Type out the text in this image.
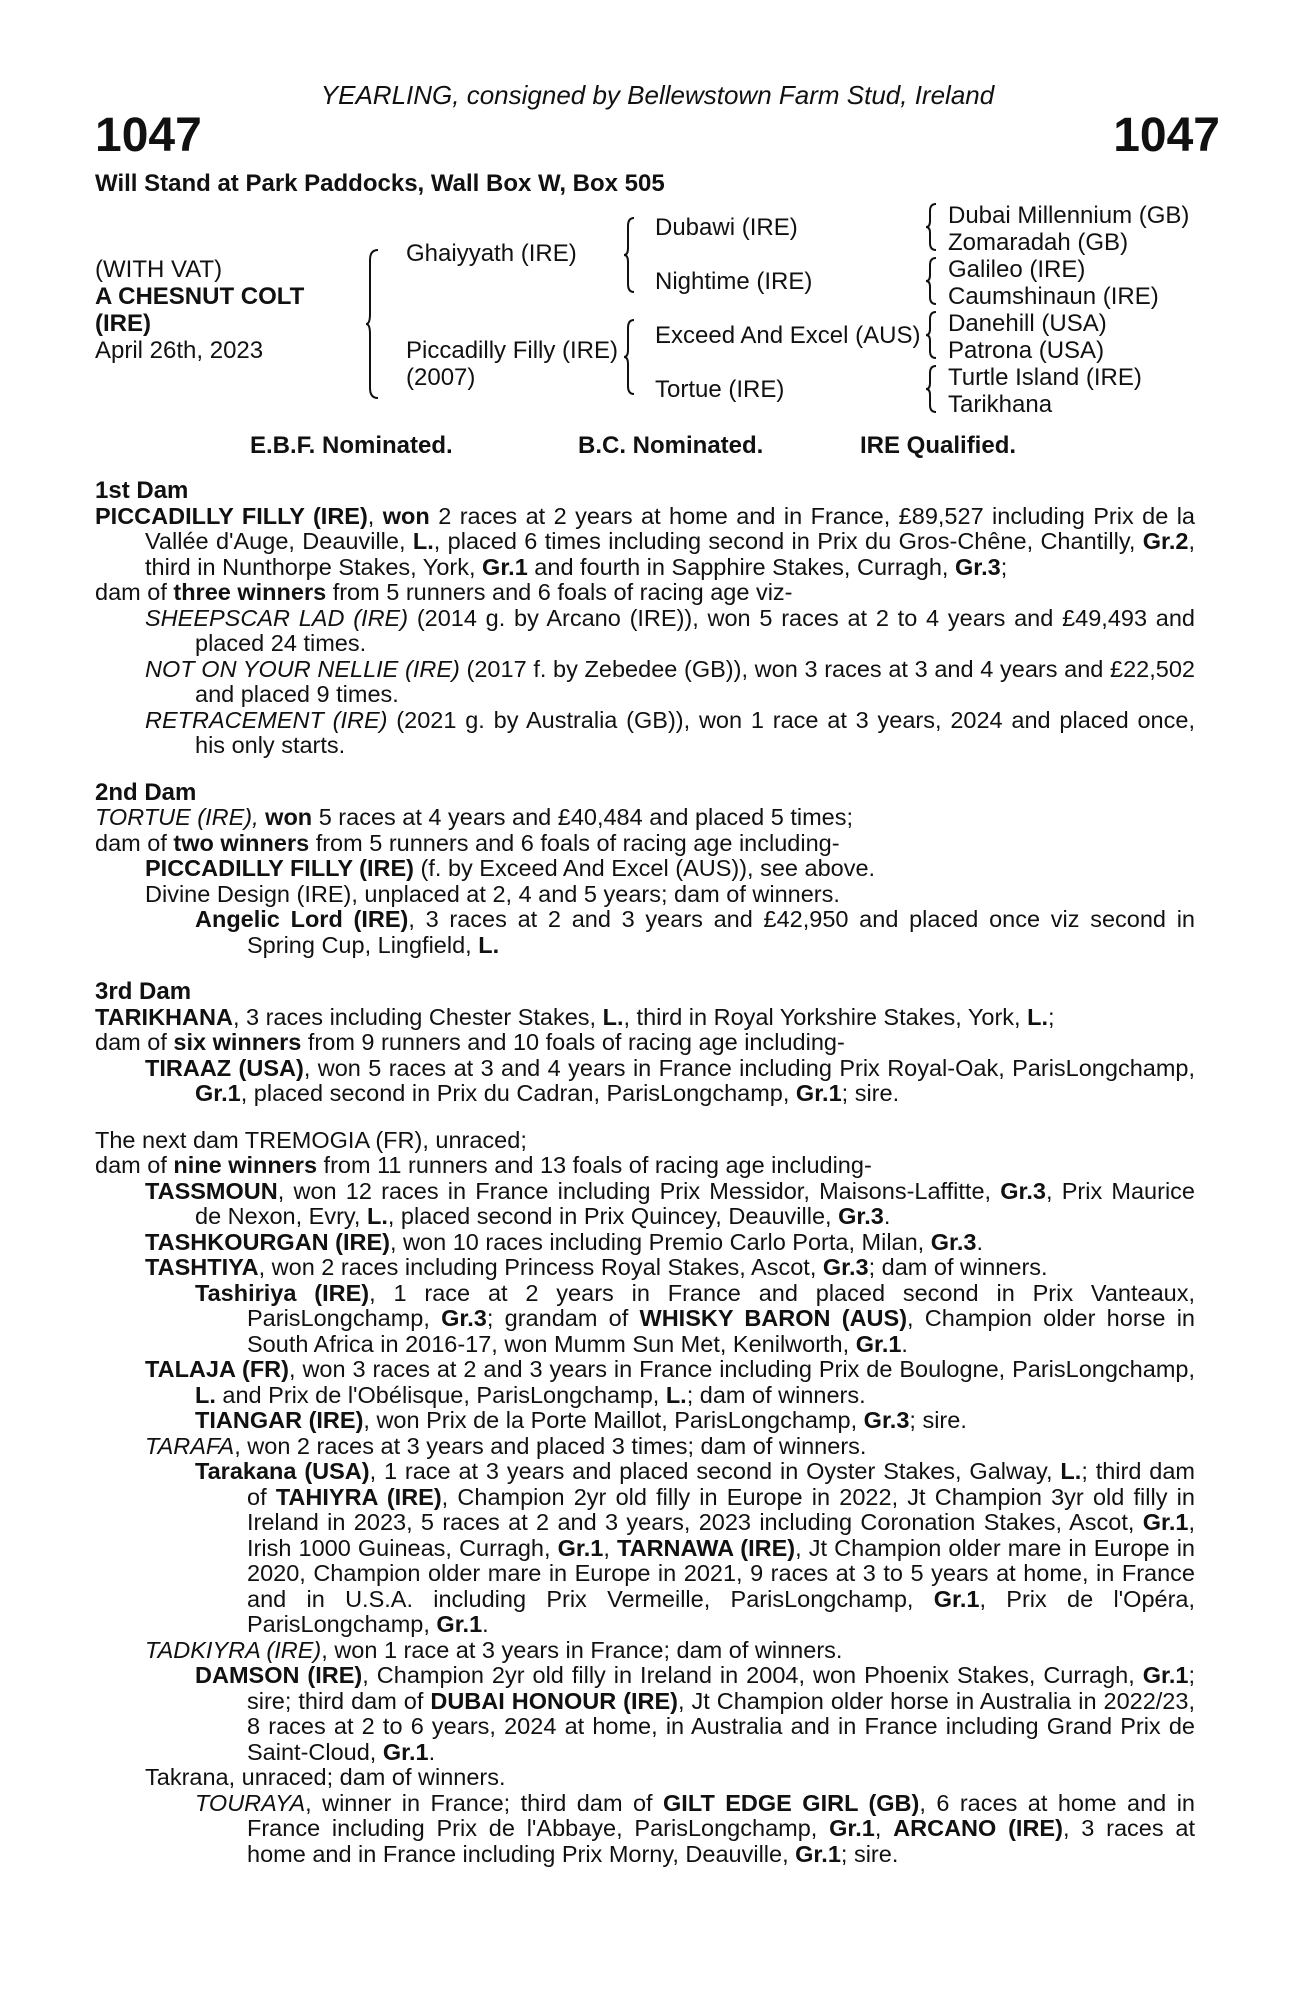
YEARLING, consigned by Bellewstown Farm Stud, Ireland
1047	1047
Will Stand at Park Paddocks, Wall Box W, Box 505
(WITH VAT)
A CHESNUT COLT
(IRE)
April 26th, 2023
Ghaiyyath (IRE)
Piccadilly Filly (IRE)
(2007)
Dubawi (IRE)
Nightime (IRE)
Exceed And Excel (AUS)
Tortue (IRE)
Dubai Millennium (GB)
Zomaradah (GB)
Galileo (IRE)
Caumshinaun (IRE)
Danehill (USA)
Patrona (USA)
Turtle Island (IRE)
Tarikhana
E.B.F. Nominated.	B.C. Nominated.	IRE Qualified.

1st Dam

PICCADILLY FILLY (IRE), won 2 races at 2 years at home and in France, £89,527 including Prix de la Vallée d'Auge, Deauville, L., placed 6 times including second in Prix du Gros-Chêne, Chantilly, Gr.2, third in Nunthorpe Stakes, York, Gr.1 and fourth in Sapphire Stakes, Curragh, Gr.3;

dam of three winners from 5 runners and 6 foals of racing age viz-

SHEEPSCAR LAD (IRE) (2014 g. by Arcano (IRE)), won 5 races at 2 to 4 years and £49,493 and placed 24 times.

NOT ON YOUR NELLIE (IRE) (2017 f. by Zebedee (GB)), won 3 races at 3 and 4 years and £22,502 and placed 9 times.

RETRACEMENT (IRE) (2021 g. by Australia (GB)), won 1 race at 3 years, 2024 and placed once, his only starts.

2nd Dam

TORTUE (IRE), won 5 races at 4 years and £40,484 and placed 5 times;

dam of two winners from 5 runners and 6 foals of racing age including-

PICCADILLY FILLY (IRE) (f. by Exceed And Excel (AUS)), see above.

Divine Design (IRE), unplaced at 2, 4 and 5 years; dam of winners.

Angelic Lord (IRE), 3 races at 2 and 3 years and £42,950 and placed once viz second in Spring Cup, Lingfield, L.

3rd Dam

TARIKHANA, 3 races including Chester Stakes, L., third in Royal Yorkshire Stakes, York, L.;

dam of six winners from 9 runners and 10 foals of racing age including-

TIRAAZ (USA), won 5 races at 3 and 4 years in France including Prix Royal-Oak, ParisLongchamp, Gr.1, placed second in Prix du Cadran, ParisLongchamp, Gr.1; sire.

The next dam TREMOGIA (FR), unraced;

dam of nine winners from 11 runners and 13 foals of racing age including-

TASSMOUN, won 12 races in France including Prix Messidor, Maisons-Laffitte, Gr.3, Prix Maurice de Nexon, Evry, L., placed second in Prix Quincey, Deauville, Gr.3.

TASHKOURGAN (IRE), won 10 races including Premio Carlo Porta, Milan, Gr.3.

TASHTIYA, won 2 races including Princess Royal Stakes, Ascot, Gr.3; dam of winners.

Tashiriya (IRE), 1 race at 2 years in France and placed second in Prix Vanteaux, ParisLongchamp, Gr.3; grandam of WHISKY BARON (AUS), Champion older horse in South Africa in 2016-17, won Mumm Sun Met, Kenilworth, Gr.1.

TALAJA (FR), won 3 races at 2 and 3 years in France including Prix de Boulogne, ParisLongchamp, L. and Prix de l'Obélisque, ParisLongchamp, L.; dam of winners.

TIANGAR (IRE), won Prix de la Porte Maillot, ParisLongchamp, Gr.3; sire.

TARAFA, won 2 races at 3 years and placed 3 times; dam of winners.

Tarakana (USA), 1 race at 3 years and placed second in Oyster Stakes, Galway, L.; third dam of TAHIYRA (IRE), Champion 2yr old filly in Europe in 2022, Jt Champion 3yr old filly in Ireland in 2023, 5 races at 2 and 3 years, 2023 including Coronation Stakes, Ascot, Gr.1, Irish 1000 Guineas, Curragh, Gr.1, TARNAWA (IRE), Jt Champion older mare in Europe in 2020, Champion older mare in Europe in 2021, 9 races at 3 to 5 years at home, in France and in U.S.A. including Prix Vermeille, ParisLongchamp, Gr.1, Prix de l'Opéra, ParisLongchamp, Gr.1.

TADKIYRA (IRE), won 1 race at 3 years in France; dam of winners.

DAMSON (IRE), Champion 2yr old filly in Ireland in 2004, won Phoenix Stakes, Curragh, Gr.1; sire; third dam of DUBAI HONOUR (IRE), Jt Champion older horse in Australia in 2022/23, 8 races at 2 to 6 years, 2024 at home, in Australia and in France including Grand Prix de Saint-Cloud, Gr.1.

Takrana, unraced; dam of winners.

TOURAYA, winner in France; third dam of GILT EDGE GIRL (GB), 6 races at home and in France including Prix de l'Abbaye, ParisLongchamp, Gr.1, ARCANO (IRE), 3 races at home and in France including Prix Morny, Deauville, Gr.1; sire.
